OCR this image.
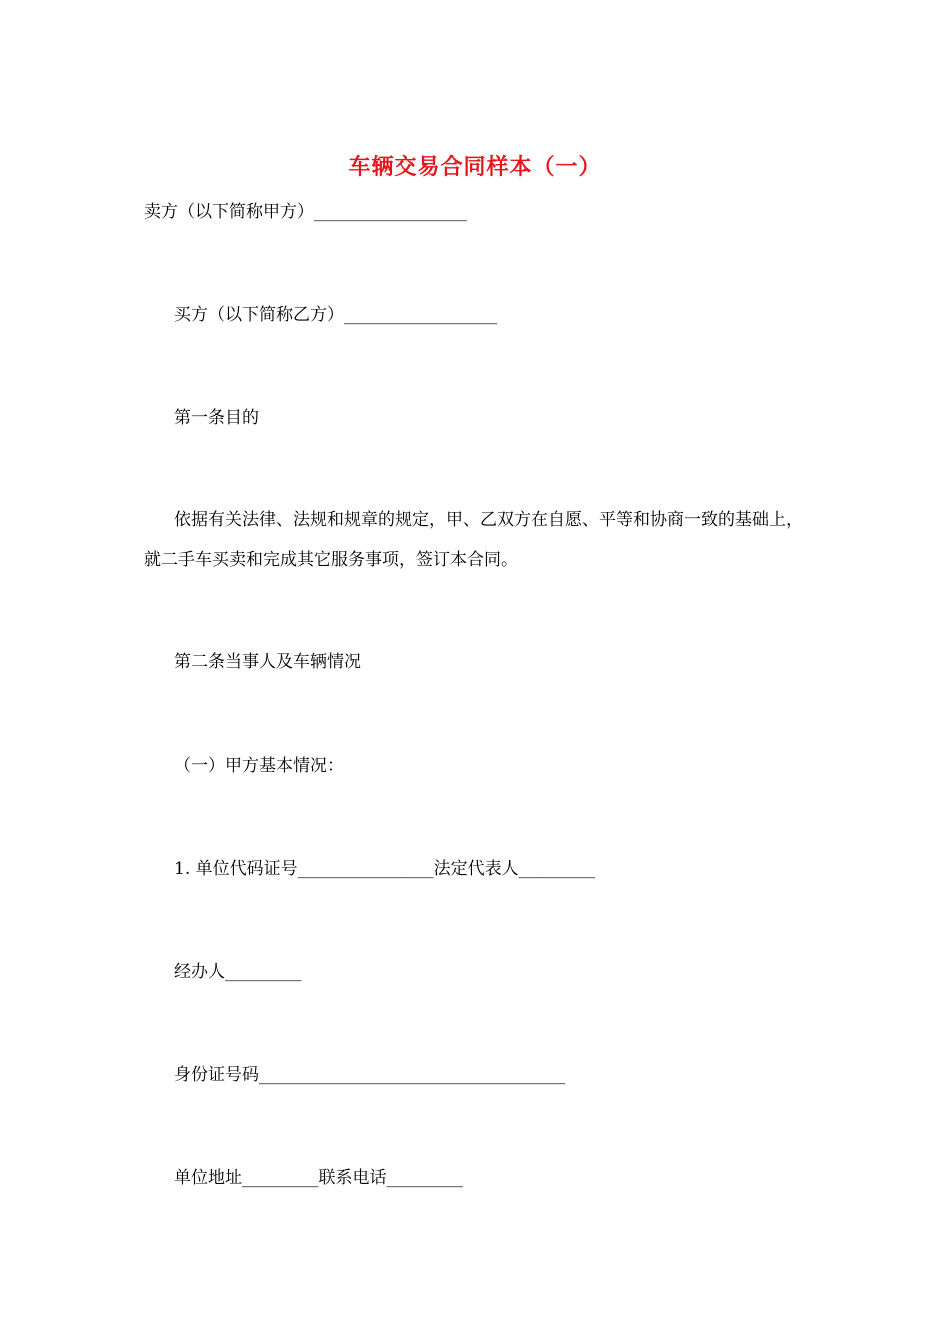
车辆交易合同样本（一）
卖方（以下简称甲方）__________________
买方（以下简称乙方）__________________
第一条目的
依据有关法律、法规和规章的规定，甲、乙双方在自愿、平等和协商一致的基础上，就二手车买卖和完成其它服务事项，签订本合同。
第二条当事人及车辆情况
（一）甲方基本情况：
1. 单位代码证号________________法定代表人_________
经办人_________
身份证号码____________________________________
单位地址_________联系电话_________
